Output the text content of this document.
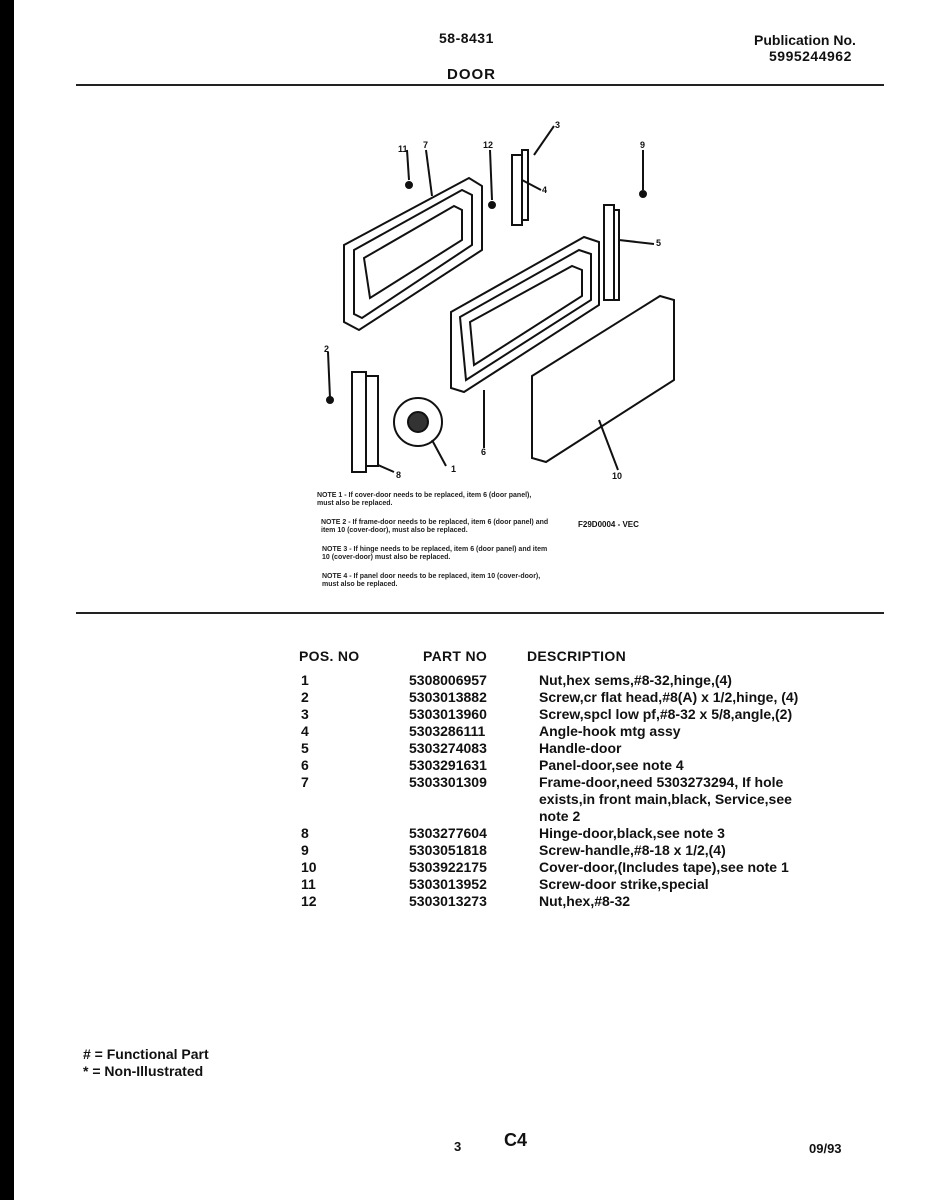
58-8431	Publication No.
5995244962
DOOR
3
4
5
6
7
8
9
10
11	12
2
1
NOTE 1 - If cover-door needs to be replaced, item 6 (door panel), must also be replaced.
NOTE 2 - If frame-door needs to be replaced, item 6 (door panel) and item 10 (cover-door), must also be replaced.
NOTE 3 - If hinge needs to be replaced, item 6 (door panel) and item 10 (cover-door) must also be replaced.
NOTE 4 - If panel door needs to be replaced, item 10 (cover-door), must also be replaced.
F29D0004 - VEC
POS. NO	PART NO	DESCRIPTION
1	5308006957	Nut,hex sems,#8-32,hinge,(4)
2	5303013882	Screw,cr flat head,#8(A) x 1/2,hinge, (4)
3	5303013960	Screw,spcl low pf,#8-32 x 5/8,angle,(2)
4	5303286111	Angle-hook mtg assy
5	5303274083	Handle-door
6	5303291631	Panel-door,see note 4
7	5303301309	Frame-door,need 5303273294, If hole exists,in front main,black, Service,see note 2
8	5303277604	Hinge-door,black,see note 3
9	5303051818	Screw-handle,#8-18 x 1/2,(4)
10	5303922175	Cover-door,(Includes tape),see note 1
11	5303013952	Screw-door strike,special
12	5303013273	Nut,hex,#8-32
# = Functional Part
* = Non-Illustrated
3 C4	09/93
